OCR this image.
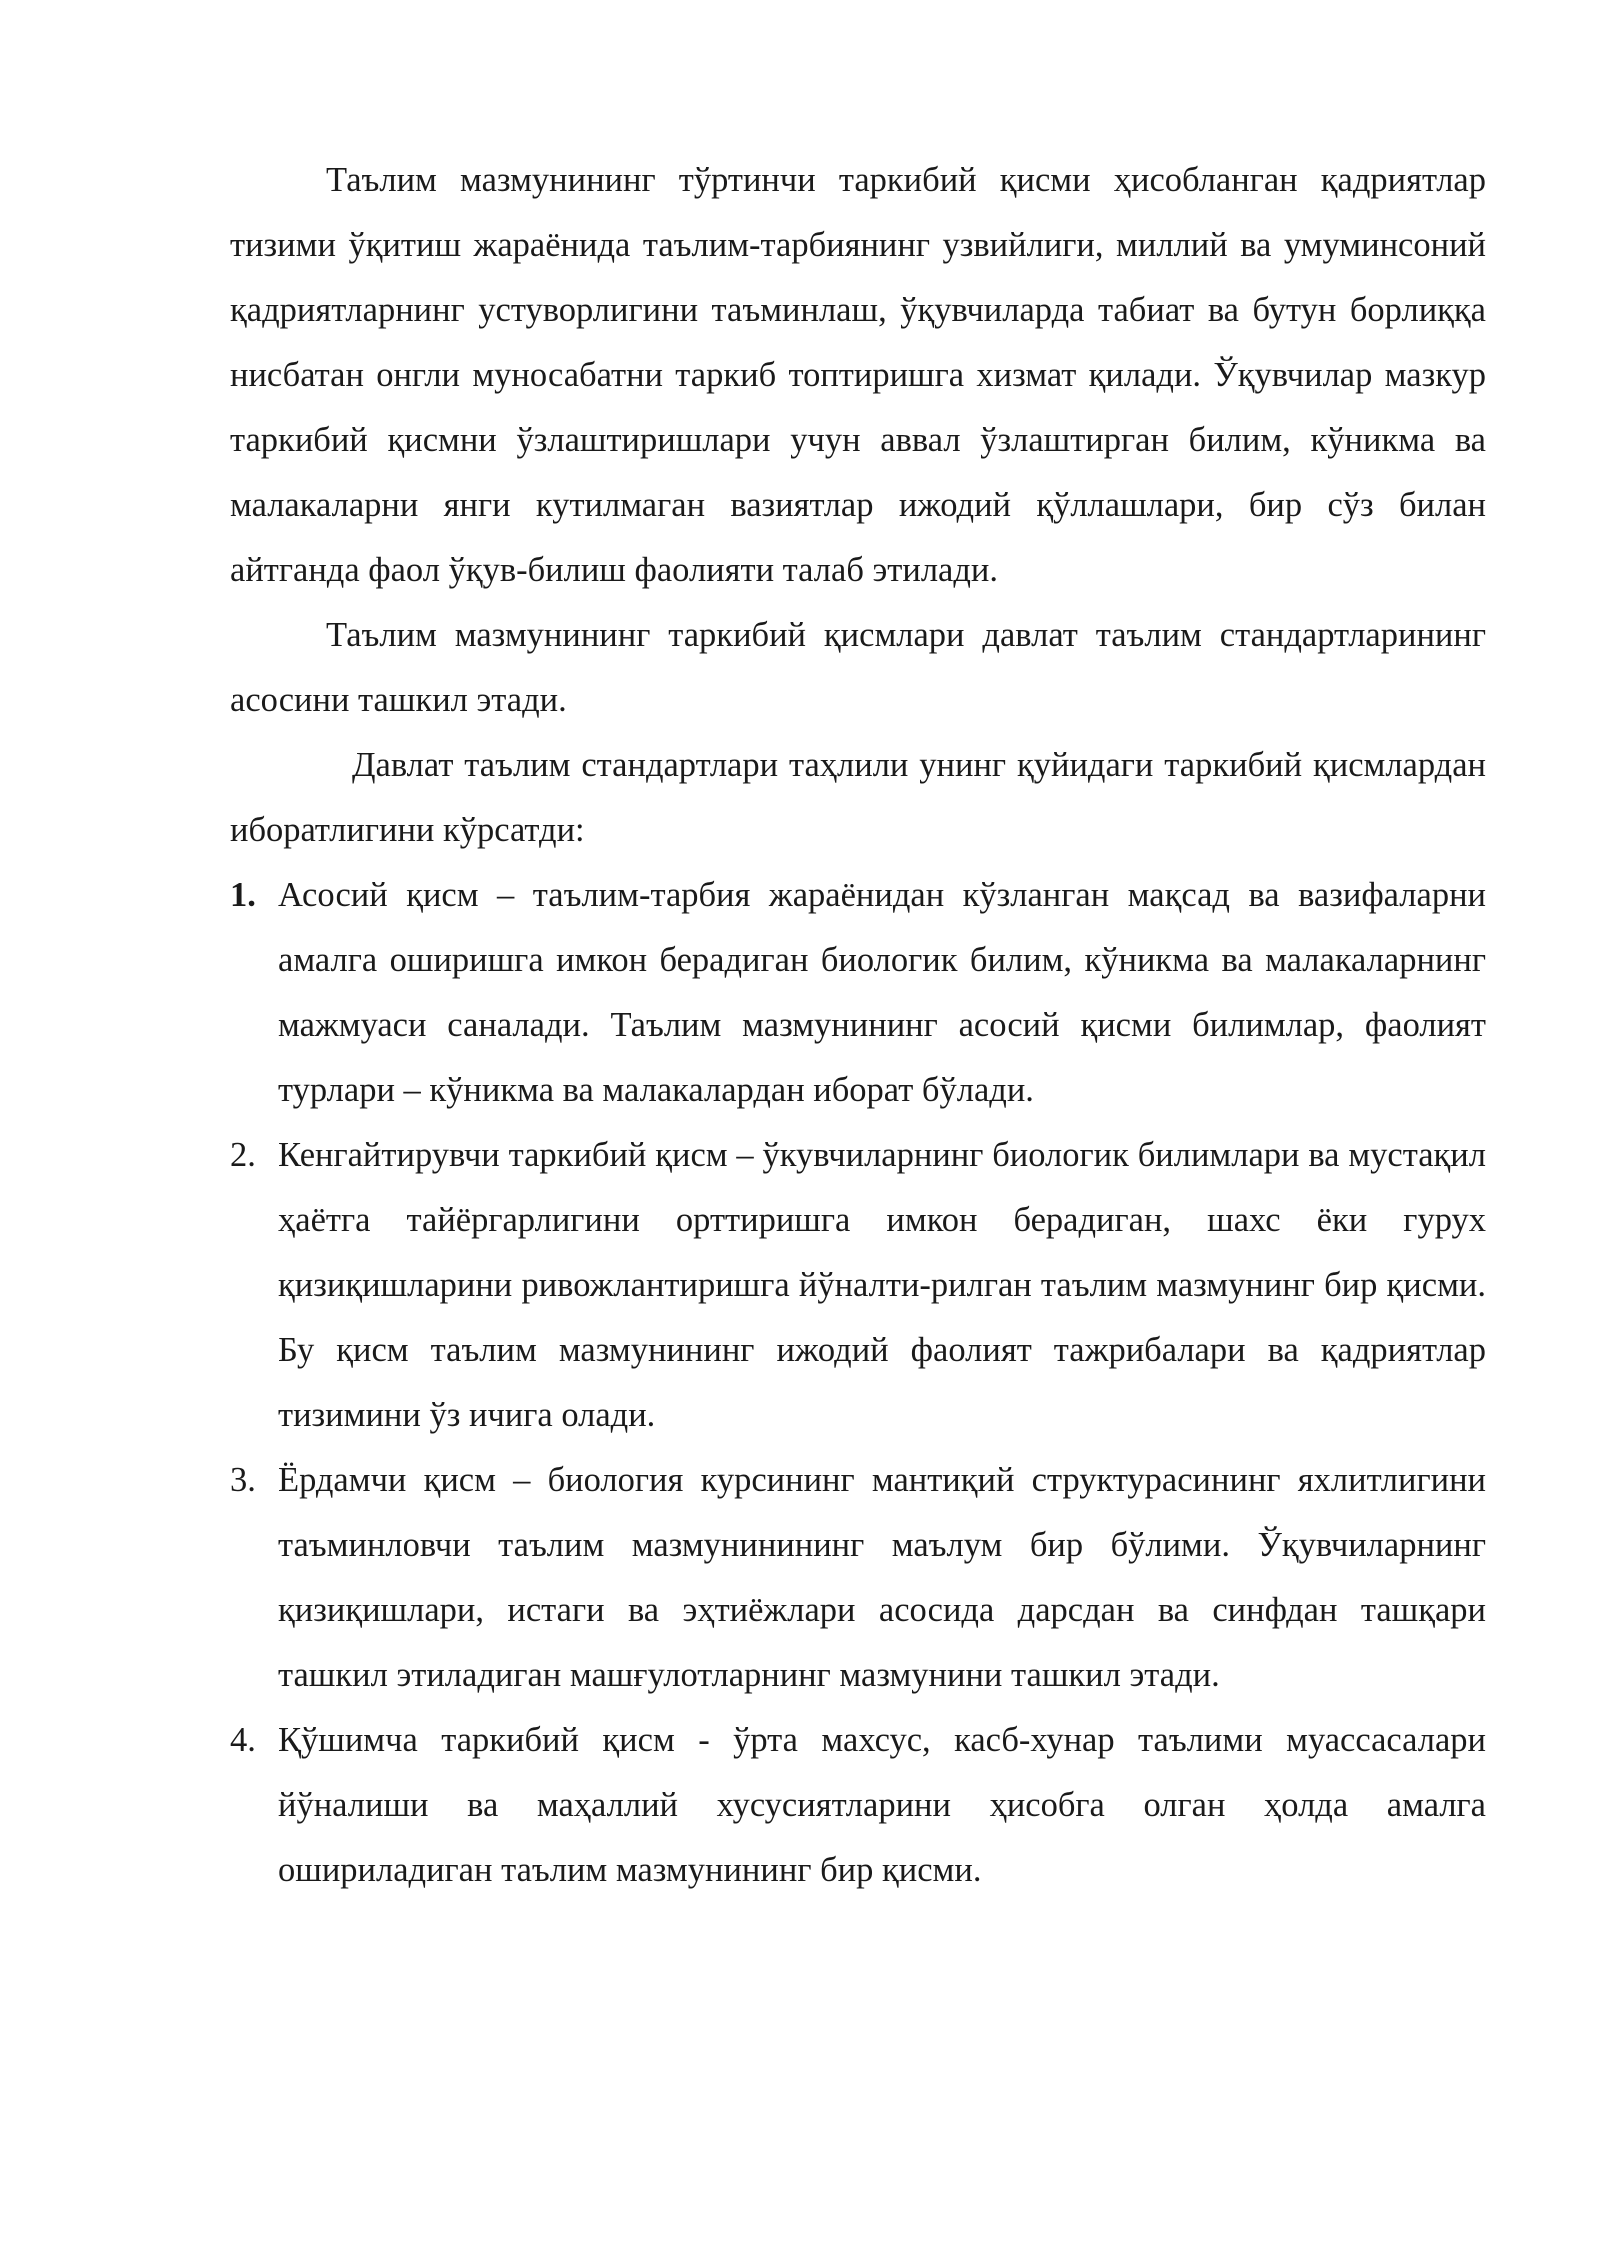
Таълим мазмунининг тўртинчи таркибий қисми ҳисобланган қадриятлар тизими ўқитиш жараёнида таълим-тарбиянинг узвийлиги, миллий ва умуминсоний қадриятларнинг устуворлигини таъминлаш, ўқувчиларда табиат ва бутун борлиққа нисбатан онгли муносабатни таркиб топтиришга хизмат қилади. Ўқувчилар мазкур таркибий қисмни ўзлаштиришлари учун аввал ўзлаштирган билим, кўникма ва малакаларни янги кутилмаган вазиятлар ижодий қўллашлари, бир сўз билан айтганда фаол ўқув-билиш фаолияти талаб этилади.

Таълим мазмунининг таркибий қисмлари давлат таълим стандартларининг асосини ташкил этади.

Давлат таълим стандартлари таҳлили унинг қуйидаги таркибий қисмлардан иборатлигини кўрсатди:

1. Асосий қисм – таълим-тарбия жараёнидан кўзланган мақсад ва вазифаларни амалга оширишга имкон берадиган биологик билим, кўникма ва малакаларнинг мажмуаси саналади. Таълим мазмунининг асосий қисми билимлар, фаолият турлари – кўникма ва малакалардан иборат бўлади.
2. Кенгайтирувчи таркибий қисм – ўкувчиларнинг биологик билимлари ва мустақил ҳаётга тайёргарлигини орттиришга имкон берадиган, шахс ёки гурух қизиқишларини ривожлантиришга йўналти-рилган таълим мазмунинг бир қисми. Бу қисм таълим мазмунининг ижодий фаолият тажрибалари ва қадриятлар тизимини ўз ичига олади.
3. Ёрдамчи қисм – биология курсининг мантиқий структурасининг яхлитлигини таъминловчи таълим мазмунинининг маълум бир бўлими. Ўқувчиларнинг қизиқишлари, истаги ва эҳтиёжлари асосида дарсдан ва синфдан ташқари ташкил этиладиган машғулотларнинг мазмунини ташкил этади.
4. Қўшимча таркибий қисм - ўрта махсус, касб-хунар таълими муассасалари йўналиши ва маҳаллий хусусиятларини ҳисобга олган ҳолда амалга ошириладиган таълим мазмунининг бир қисми.
